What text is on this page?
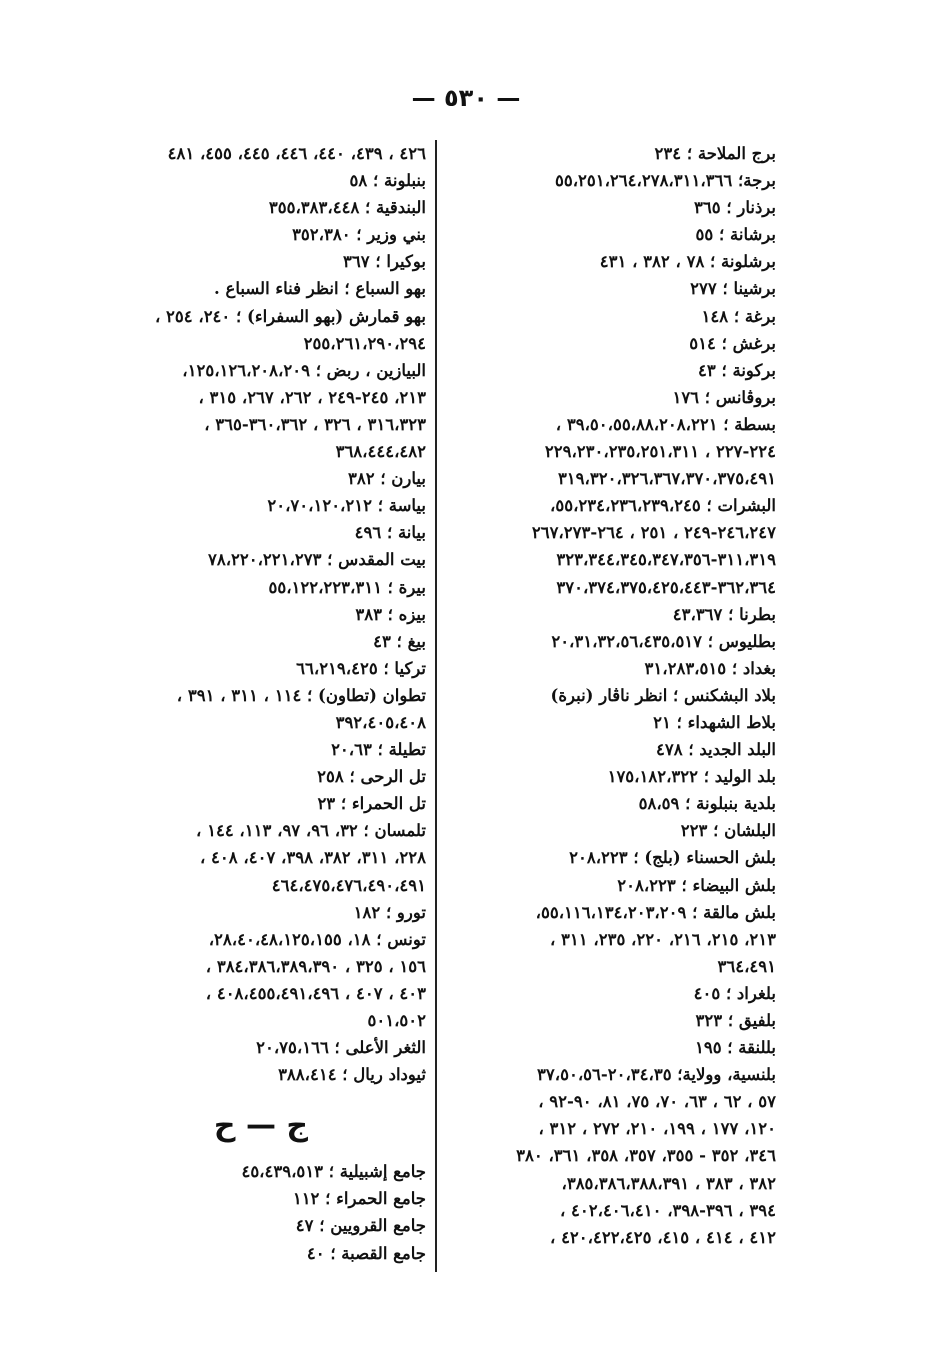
— ٥٣٠ —
برج الملاحة ؛ ٢٣٤
برجة؛ ٥٥،٢٥١،٢٦٤،٢٧٨،٣١١،٣٦٦
برذنار ؛ ٣٦٥
برشانة ؛ ٥٥
برشلونة ؛ ٧٨ ، ٣٨٢ ، ٤٣١
برشينا ؛ ٢٧٧
برغة ؛ ١٤٨
برغش ؛ ٥١٤
بركونة ؛ ٤٣
بروڤانس ؛ ١٧٦
بسطة ؛ ٣٩،٥٠،٥٥،٨٨،٢٠٨،٢٢١ ،
٢٢٤-٢٢٧ ، ٢٢٩،٢٣٠،٢٣٥،٢٥١،٣١١
٣١٩،٣٢٠،٣٢٦،٣٦٧،٣٧٠،٣٧٥،٤٩١
البشرات ؛ ٥٥،٢٣٤،٢٣٦،٢٣٩،٢٤٥،
٢٤٦،٢٤٧-٢٤٩ ، ٢٥١ ، ٢٦٤-٢٦٧،٢٧٣
٣١١،٣١٩-٣٢٣،٣٤٤،٣٤٥،٣٤٧،٣٥٦
٣٦٢،٣٦٤-٣٧٠،٣٧٤،٣٧٥،٤٢٥،٤٤٣
بطرنا ؛ ٤٣،٣٦٧
بطليوس ؛ ٢٠،٣١،٣٢،٥٦،٤٣٥،٥١٧
بغداد ؛ ٣١،٢٨٣،٥١٥
بلاد البشكنس ؛ انظر ناڤار (نبرة)
بلاط الشهداء ؛ ٢١
البلد الجديد ؛ ٤٧٨
بلد الوليد ؛ ١٧٥،١٨٢،٣٢٢
بلدية بنبلونة ؛ ٥٨،٥٩
البلشان ؛ ٢٢٣
بلش الحسناء (بلج) ؛ ٢٠٨،٢٢٣
بلش البيضاء ؛ ٢٠٨،٢٢٣
بلش مالقة ؛ ٥٥،١١٦،١٣٤،٢٠٣،٢٠٩،
٢١٣، ٢١٥، ٢١٦، ٢٢٠، ٢٣٥، ٣١١ ،
٣٦٤،٤٩١
بلغراد ؛ ٤٠٥
بلفيق ؛ ٣٢٣
بللنقة ؛ ١٩٥
بلنسية، وولاية؛ ٢٠،٣٤،٣٥-٣٧،٥٠،٥٦
٥٧ ، ٦٢ ، ٦٣، ٧٠، ٧٥، ٨١، ٩٠-٩٢ ،
١٢٠، ١٧٧ ، ١٩٩، ٢١٠، ٢٧٢ ، ٣١٢ ،
٣٤٦، ٣٥٢ - ٣٥٥، ٣٥٧، ٣٥٨، ٣٦١، ٣٨٠
٣٨٢ ، ٣٨٣ ، ٣٨٥،٣٨٦،٣٨٨،٣٩١،
٣٩٤ ، ٣٩٦-٣٩٨، ٤٠٢،٤٠٦،٤١٠ ،
٤١٢ ، ٤١٤ ، ٤١٥، ٤٢٠،٤٢٢،٤٢٥ ،
٤٢٦ ، ٤٣٩، ٤٤٠، ٤٤٦، ٤٤٥، ٤٥٥، ٤٨١
بنبلونة ؛ ٥٨
البندقية ؛ ٣٥٥،٣٨٣،٤٤٨
بني وزير ؛ ٣٥٢،٣٨٠
بوكيرا ؛ ٣٦٧
بهو السباع ؛ انظر فناء السباع .
بهو قمارش (بهو السفراء) ؛ ٢٤٠، ٢٥٤ ،
٢٥٥،٢٦١،٢٩٠،٢٩٤
البيازين ، ربض ؛ ١٢٥،١٢٦،٢٠٨،٢٠٩،
٢١٣، ٢٤٥-٢٤٩ ، ٢٦٢، ٢٦٧، ٣١٥ ،
٣١٦،٣٢٣ ، ٣٢٦ ، ٣٦٠،٣٦٢-٣٦٥ ،
٣٦٨،٤٤٤،٤٨٢
بيارن ؛ ٣٨٢
بياسة ؛ ٢٠،٧٠،١٢٠،٢١٢
بيانة ؛ ٤٩٦
بيت المقدس ؛ ٧٨،٢٢٠،٢٢١،٢٧٣
بيرة ؛ ٥٥،١٢٢،٢٢٣،٣١١
بيزه ؛ ٣٨٣
بيغ ؛ ٤٣
تركيا ؛ ٦٦،٢١٩،٤٢٥
تطوان (تطاون) ؛ ١١٤ ، ٣١١ ، ٣٩١ ،
٣٩٢،٤٠٥،٤٠٨
تطيلة ؛ ٢٠،٦٣
تل الرحى ؛ ٢٥٨
تل الحمراء ؛ ٢٣
تلمسان ؛ ٣٢، ٩٦، ٩٧، ١١٣، ١٤٤ ،
٢٢٨، ٣١١، ٣٨٢، ٣٩٨، ٤٠٧، ٤٠٨ ،
٤٦٤،٤٧٥،٤٧٦،٤٩٠،٤٩١
تورو ؛ ١٨٢
تونس ؛ ١٨، ٢٨،٤٠،٤٨،١٢٥،١٥٥،
١٥٦ ، ٣٢٥ ، ٣٨٤،٣٨٦،٣٨٩،٣٩٠ ،
٤٠٣ ، ٤٠٧ ، ٤٠٨،٤٥٥،٤٩١،٤٩٦ ،
٥٠١،٥٠٢
الثغر الأعلى ؛ ٢٠،٧٥،١٦٦
ثيوداد ريال ؛ ٣٨٨،٤١٤
ج — ح
جامع إشبيلية ؛ ٤٥،٤٣٩،٥١٣
جامع الحمراء ؛ ١١٢
جامع القرويين ؛ ٤٧
جامع القصبة ؛ ٤٠
